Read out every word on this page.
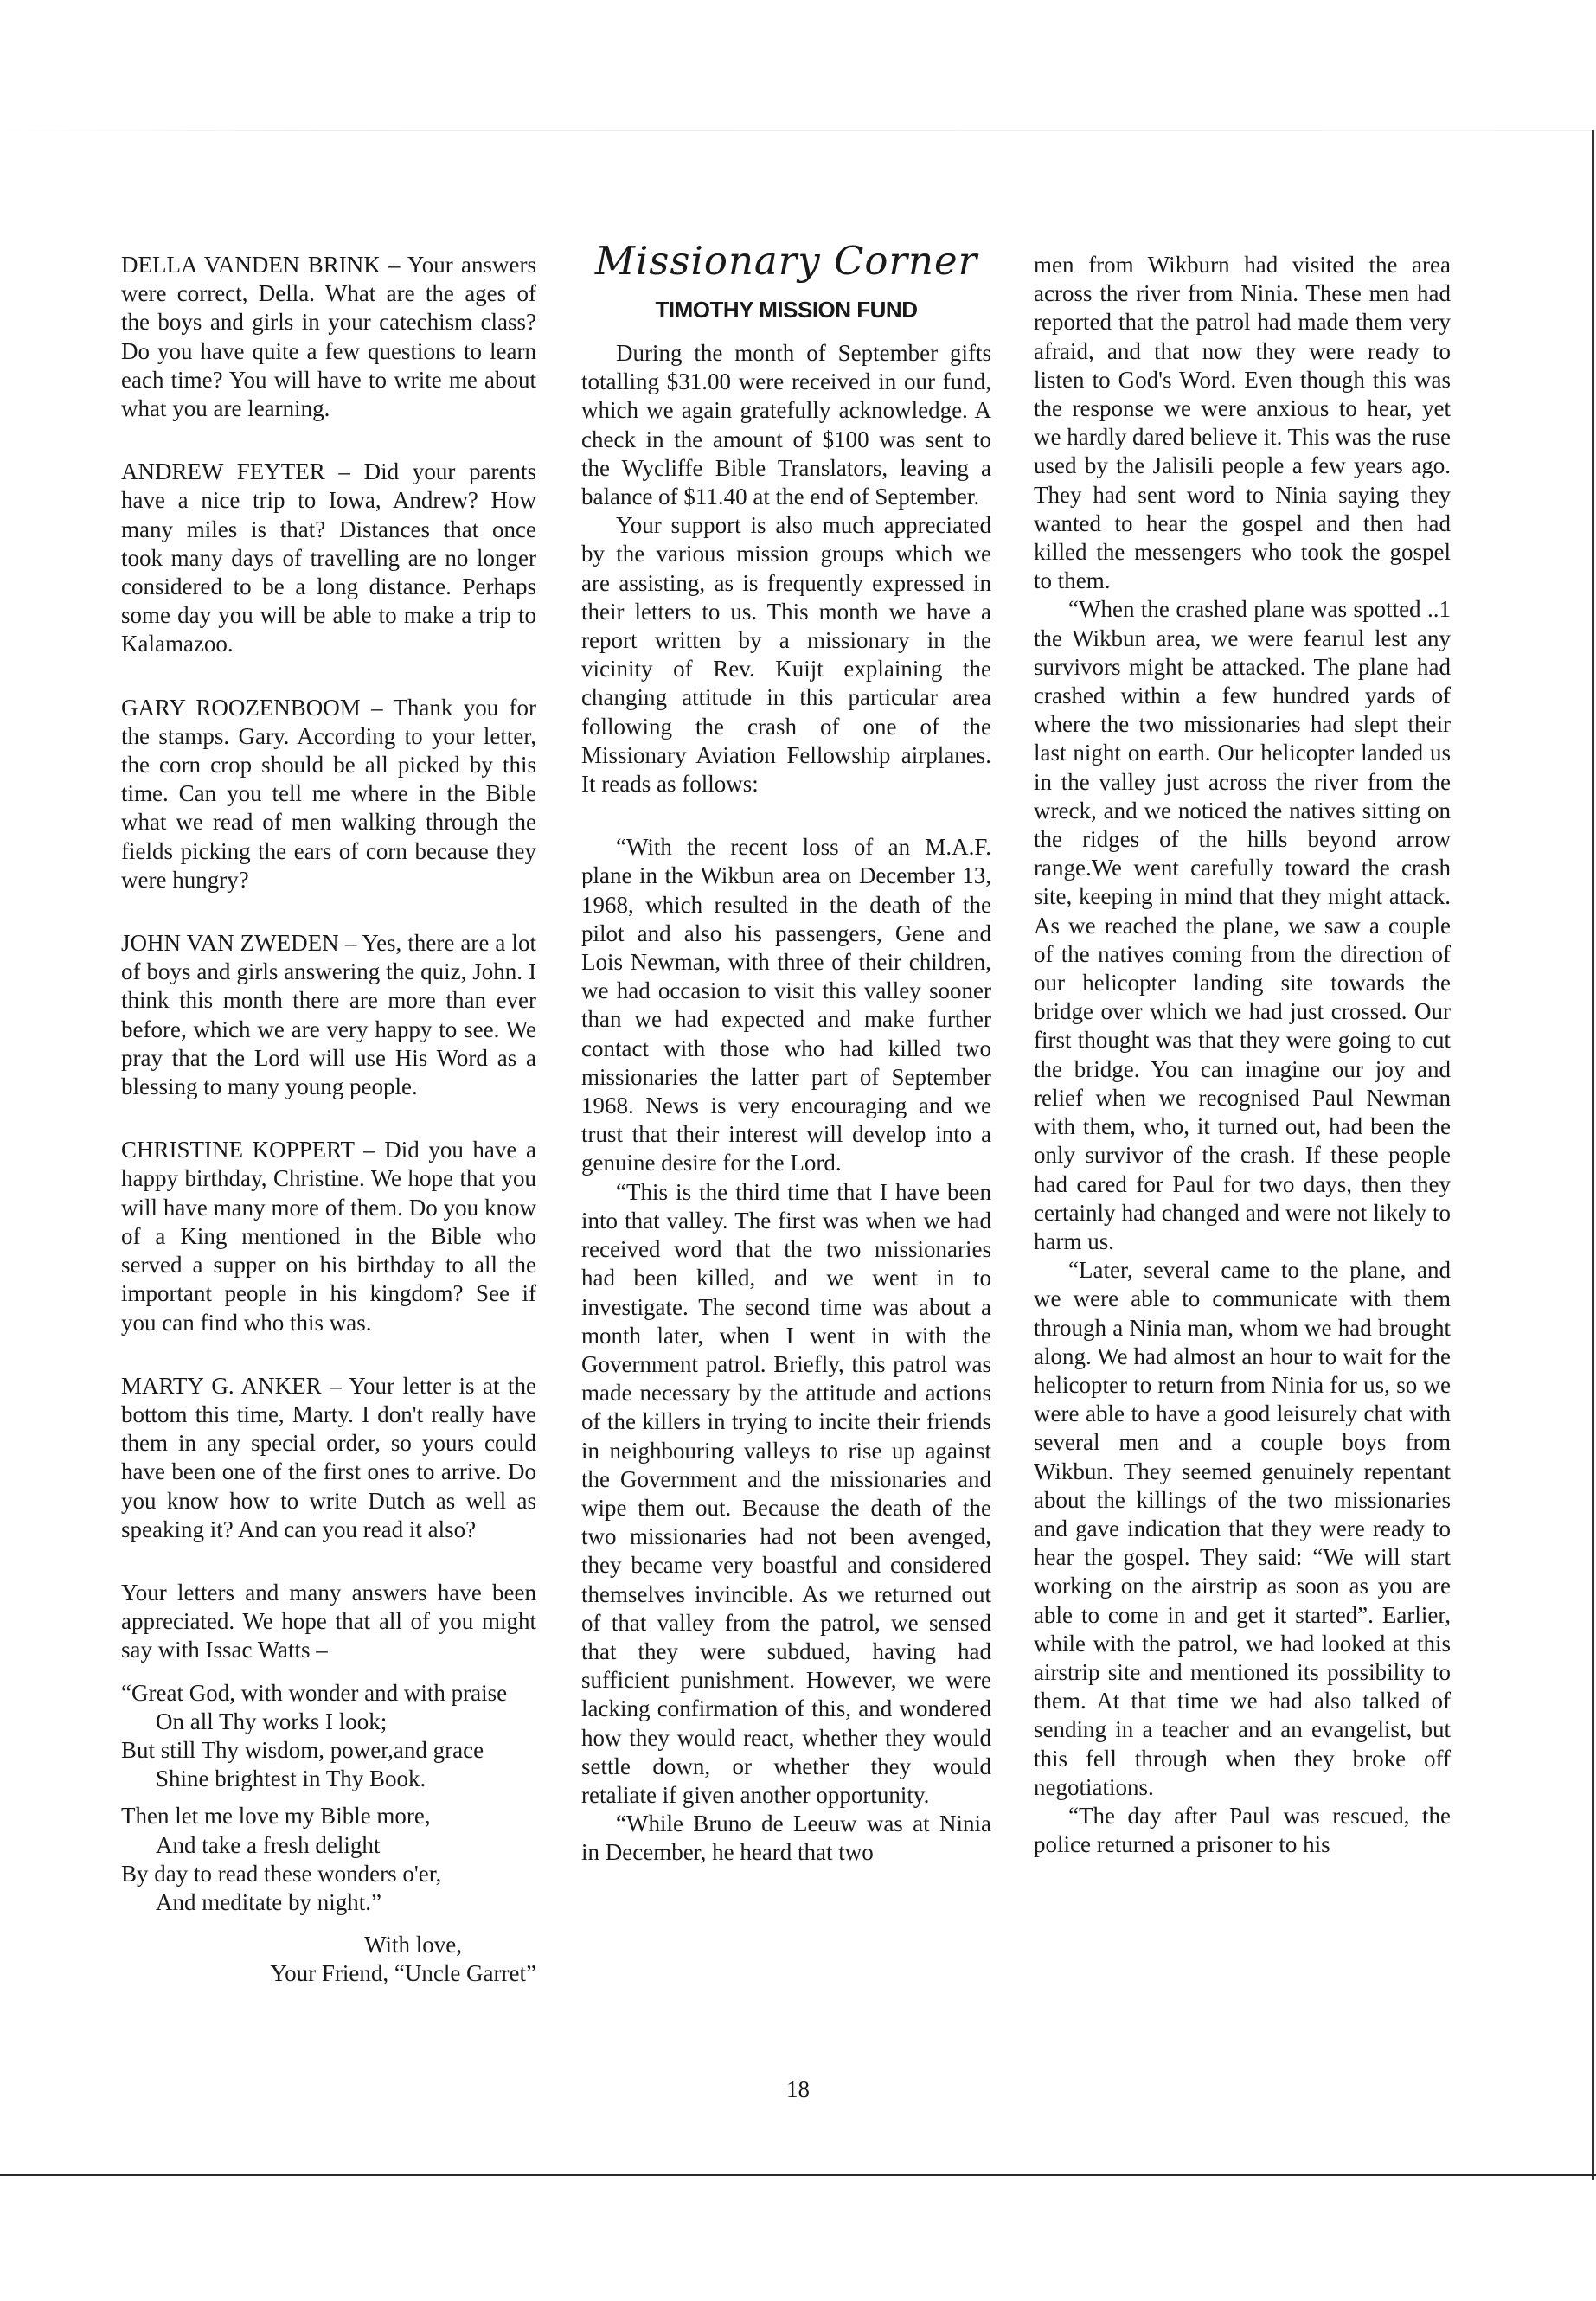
DELLA VANDEN BRINK – Your answers were correct, Della. What are the ages of the boys and girls in your catechism class? Do you have quite a few questions to learn each time? You will have to write me about what you are learning.

ANDREW FEYTER – Did your parents have a nice trip to Iowa, Andrew? How many miles is that? Distances that once took many days of travelling are no longer considered to be a long distance. Perhaps some day you will be able to make a trip to Kalamazoo.

GARY ROOZENBOOM – Thank you for the stamps. Gary. According to your letter, the corn crop should be all picked by this time. Can you tell me where in the Bible what we read of men walking through the fields picking the ears of corn because they were hungry?

JOHN VAN ZWEDEN – Yes, there are a lot of boys and girls answering the quiz, John. I think this month there are more than ever before, which we are very happy to see. We pray that the Lord will use His Word as a blessing to many young people.

CHRISTINE KOPPERT – Did you have a happy birthday, Christine. We hope that you will have many more of them. Do you know of a King mentioned in the Bible who served a supper on his birthday to all the important people in his kingdom? See if you can find who this was.

MARTY G. ANKER – Your letter is at the bottom this time, Marty. I don't really have them in any special order, so yours could have been one of the first ones to arrive. Do you know how to write Dutch as well as speaking it? And can you read it also?

Your letters and many answers have been appreciated. We hope that all of you might say with Issac Watts –

“Great God, with wonder and with praise
On all Thy works I look;
But still Thy wisdom, power,and grace
Shine brightest in Thy Book.
Then let me love my Bible more,
And take a fresh delight
By day to read these wonders o'er,
And meditate by night.”
With love,
Your Friend, “Uncle Garret”
Missionary Corner
TIMOTHY MISSION FUND

During the month of September gifts totalling $31.00 were received in our fund, which we again gratefully acknowledge. A check in the amount of $100 was sent to the Wycliffe Bible Translators, leaving a balance of $11.40 at the end of September.

Your support is also much appreciated by the various mission groups which we are assisting, as is frequently expressed in their letters to us. This month we have a report written by a missionary in the vicinity of Rev. Kuijt explaining the changing attitude in this particular area following the crash of one of the Missionary Aviation Fellowship airplanes. It reads as follows:

“With the recent loss of an M.A.F. plane in the Wikbun area on December 13, 1968, which resulted in the death of the pilot and also his passengers, Gene and Lois Newman, with three of their children, we had occasion to visit this valley sooner than we had expected and make further contact with those who had killed two missionaries the latter part of September 1968. News is very encouraging and we trust that their interest will develop into a genuine desire for the Lord.

“This is the third time that I have been into that valley. The first was when we had received word that the two missionaries had been killed, and we went in to investigate. The second time was about a month later, when I went in with the Government patrol. Briefly, this patrol was made necessary by the attitude and actions of the killers in trying to incite their friends in neighbouring valleys to rise up against the Government and the missionaries and wipe them out. Because the death of the two missionaries had not been avenged, they became very boastful and considered themselves invincible. As we returned out of that valley from the patrol, we sensed that they were subdued, having had sufficient punishment. However, we were lacking confirmation of this, and wondered how they would react, whether they would settle down, or whether they would retaliate if given another opportunity.

“While Bruno de Leeuw was at Ninia in December, he heard that two

men from Wikburn had visited the area across the river from Ninia. These men had reported that the patrol had made them very afraid, and that now they were ready to listen to God's Word. Even though this was the response we were anxious to hear, yet we hardly dared believe it. This was the ruse used by the Jalisili people a few years ago. They had sent word to Ninia saying they wanted to hear the gospel and then had killed the messengers who took the gospel to them.

“When the crashed plane was spotted ..1 the Wikbun area, we were fearıul lest any survivors might be attacked. The plane had crashed within a few hundred yards of where the two missionaries had slept their last night on earth. Our helicopter landed us in the valley just across the river from the wreck, and we noticed the natives sitting on the ridges of the hills beyond arrow range.We went carefully toward the crash site, keeping in mind that they might attack. As we reached the plane, we saw a couple of the natives coming from the direction of our helicopter landing site towards the bridge over which we had just crossed. Our first thought was that they were going to cut the bridge. You can imagine our joy and relief when we recognised Paul Newman with them, who, it turned out, had been the only survivor of the crash. If these people had cared for Paul for two days, then they certainly had changed and were not likely to harm us.

“Later, several came to the plane, and we were able to communicate with them through a Ninia man, whom we had brought along. We had almost an hour to wait for the helicopter to return from Ninia for us, so we were able to have a good leisurely chat with several men and a couple boys from Wikbun. They seemed genuinely repentant about the killings of the two missionaries and gave indication that they were ready to hear the gospel. They said: “We will start working on the airstrip as soon as you are able to come in and get it started”. Earlier, while with the patrol, we had looked at this airstrip site and mentioned its possibility to them. At that time we had also talked of sending in a teacher and an evangelist, but this fell through when they broke off negotiations.

“The day after Paul was rescued, the police returned a prisoner to his

18
